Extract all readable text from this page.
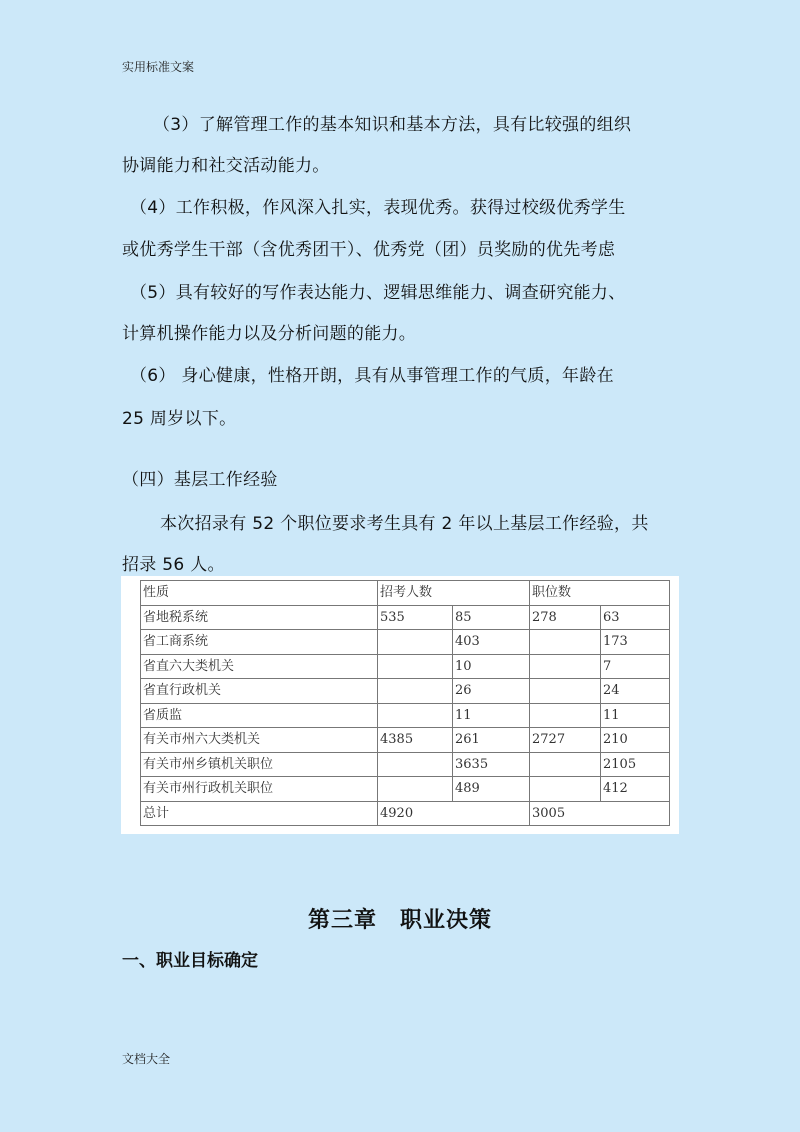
实用标准文案
（3）了解管理工作的基本知识和基本方法，具有比较强的组织
协调能力和社交活动能力。
（4）工作积极，作风深入扎实，表现优秀。获得过校级优秀学生
或优秀学生干部（含优秀团干）、优秀党（团）员奖励的优先考虑
（5）具有较好的写作表达能力、逻辑思维能力、调查研究能力、
计算机操作能力以及分析问题的能力。
（6） 身心健康，性格开朗，具有从事管理工作的气质，年龄在
25 周岁以下。
（四）基层工作经验
本次招录有 52 个职位要求考生具有 2 年以上基层工作经验，共
招录 56 人。
性质	招考人数		职位数	
省地税系统	535	85	278	63
省工商系统		403		173
省直六大类机关		10		7
省直行政机关		26		24
省质监		11		11
有关市州六大类机关	4385	261	2727	210
有关市州乡镇机关职位		3635		2105
有关市州行政机关职位		489		412
总计	4920		3005	
第三章　职业决策
一、职业目标确定
文档大全
